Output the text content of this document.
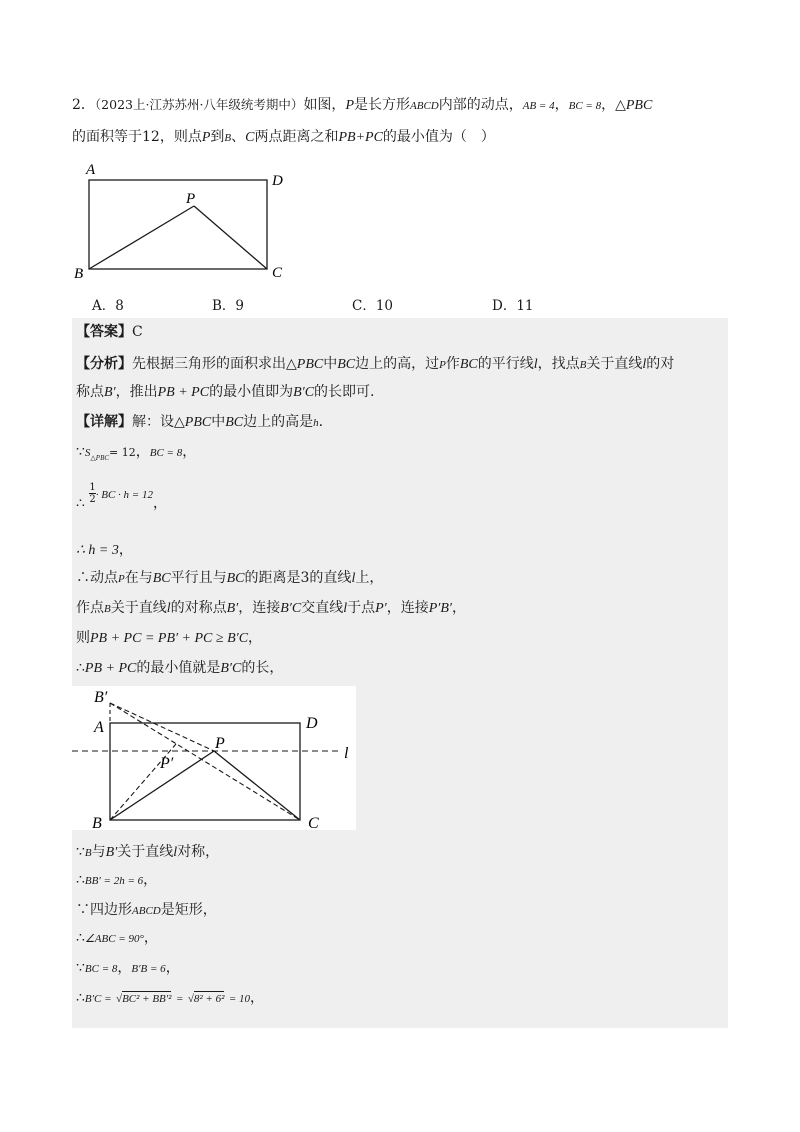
2．（2023上·江苏苏州·八年级统考期中）如图，P是长方形ABCD内部的动点，AB = 4，BC = 8，△PBC
的面积等于12，则点P到B、C两点距离之和PB+PC的最小值为（　）
A
D
P
B	C
A．8	B．9	C．10	D．11
【答案】C
【分析】先根据三角形的面积求出△PBC中BC边上的高，过P作BC的平行线l，找点B关于直线l的对
称点B′，推出PB + PC的最小值即为B′C的长即可.
【详解】解：设△PBC中BC边上的高是h.
$\because S_{\triangle PBC}= 12$，BC = 8，
∴ $\frac{1}{2} ^{\cdot BC \cdot h = 12}$，
∴ h = 3，
∴动点P在与BC平行且与BC的距离是3的直线l上，
作点B关于直线l的对称点B′，连接B′C交直线l于点P′，连接P′B′，
则PB + PC = PB′ + PC ≥ B′C，
∴PB + PC的最小值就是B′C的长，
B′
A	D
P
P′
l
B	C
∵B与B′关于直线l对称，
∴BB′ = 2h = 6，
∵四边形ABCD是矩形，
∴∠ABC = 90°，
∵BC = 8，B′B = 6，
∴B′C = √BC² + BB′² = √8² + 6² = 10，
